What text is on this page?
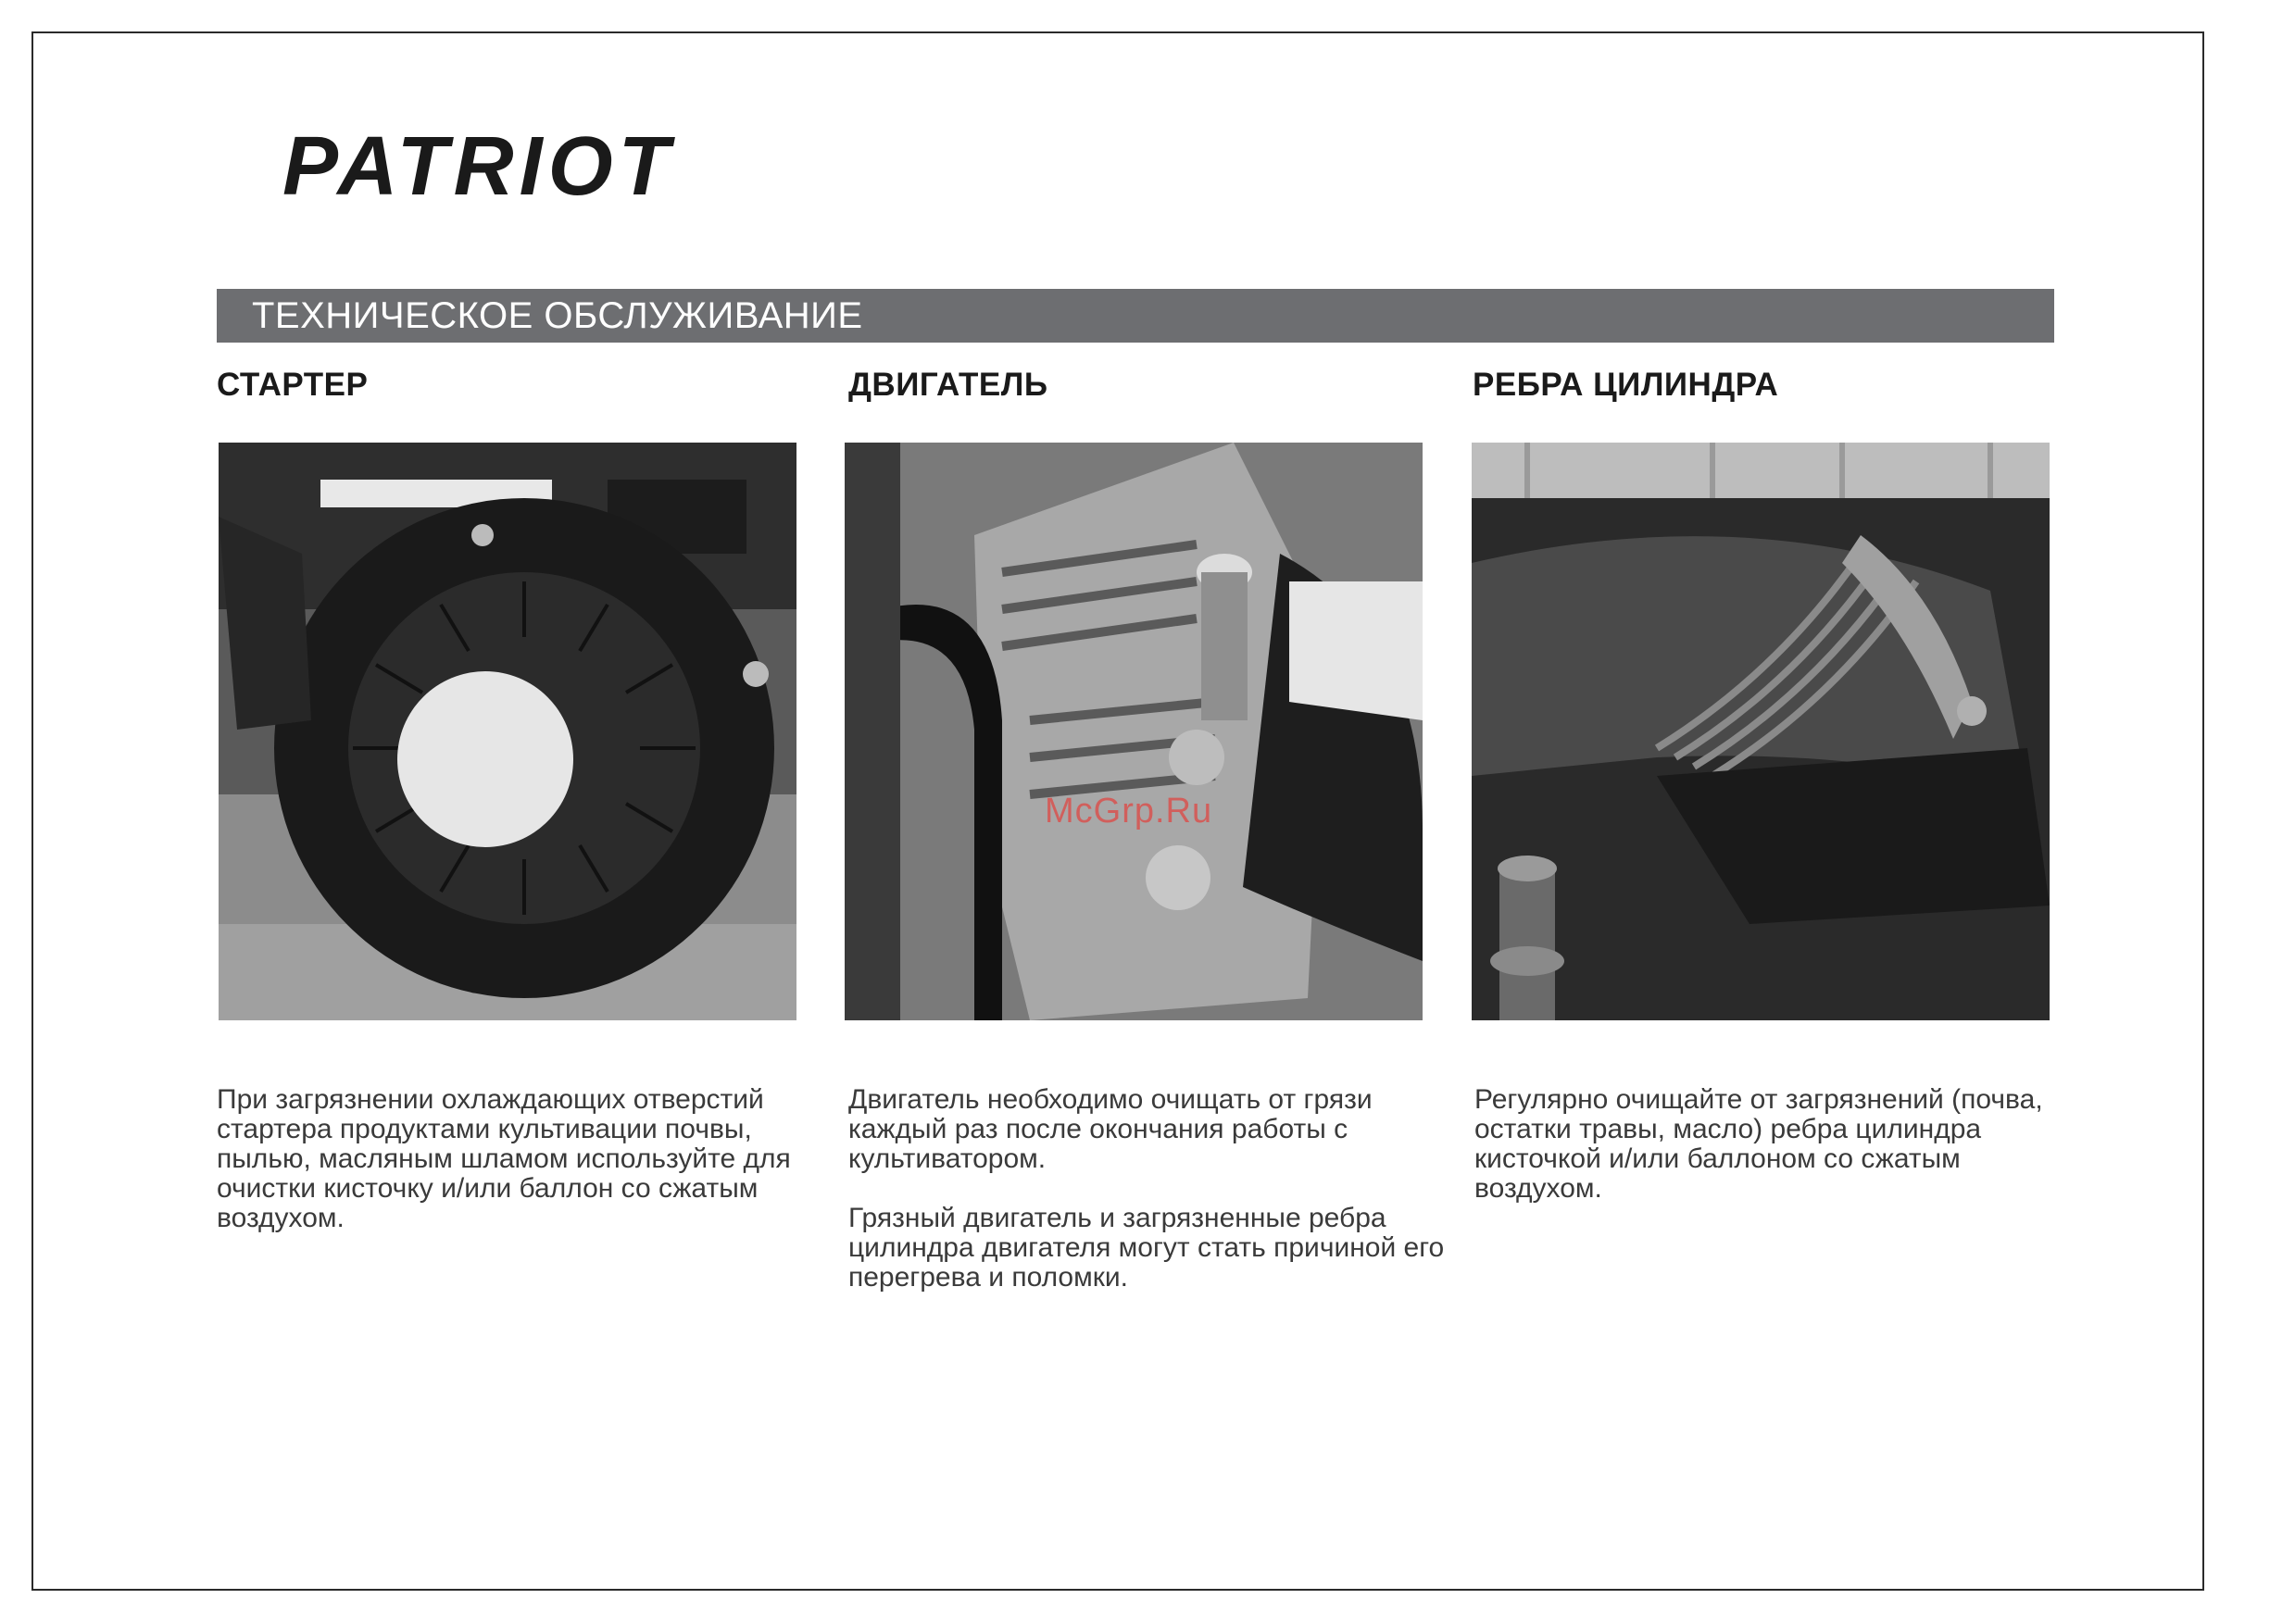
PATRIOT
ТЕХНИЧЕСКОЕ ОБСЛУЖИВАНИЕ
СТАРТЕР	ДВИГАТЕЛЬ	РЕБРА ЦИЛИНДРА
McGrp.Ru

При загрязнении охлаждающих отверстий стартера продуктами культивации почвы, пылью, масляным шламом используйте для очистки кисточку и/или баллон со сжатым воздухом.

Двигатель необходимо очищать от грязи каждый раз после окончания работы с культиватором.

Грязный двигатель и загрязненные ребра цилиндра двигателя могут стать причиной его перегрева и поломки.

Регулярно очищайте от загрязнений (почва, остатки травы, масло) ребра цилиндра кисточкой и/или баллоном со сжатым воздухом.
